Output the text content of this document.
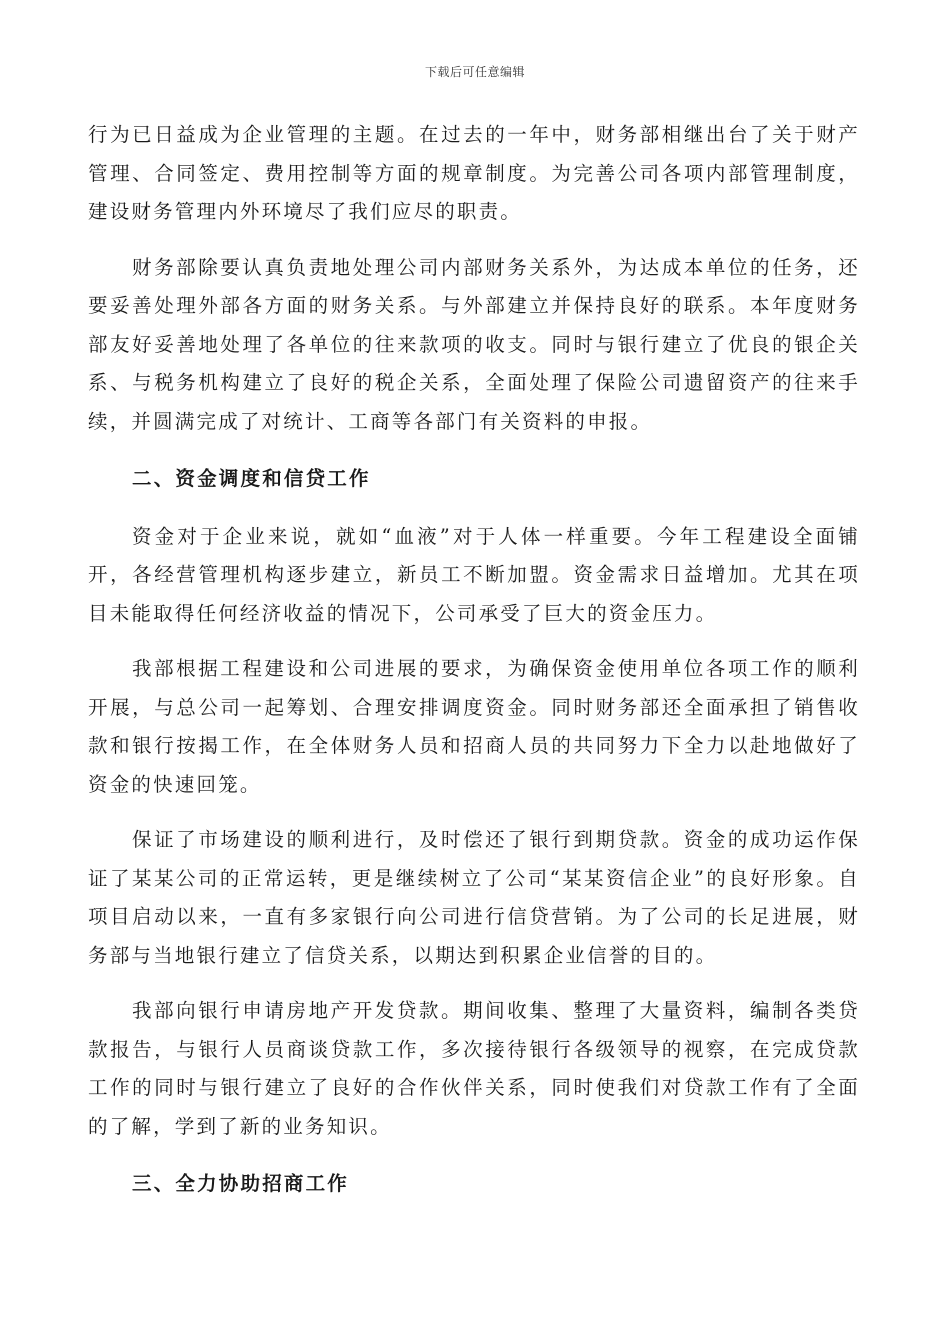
下载后可任意编辑

行为已日益成为企业管理的主题。在过去的一年中，财务部相继出台了关于财产管理、合同签定、费用控制等方面的规章制度。为完善公司各项内部管理制度，建设财务管理内外环境尽了我们应尽的职责。

财务部除要认真负责地处理公司内部财务关系外，为达成本单位的任务，还要妥善处理外部各方面的财务关系。与外部建立并保持良好的联系。本年度财务部友好妥善地处理了各单位的往来款项的收支。同时与银行建立了优良的银企关系、与税务机构建立了良好的税企关系，全面处理了保险公司遗留资产的往来手续，并圆满完成了对统计、工商等各部门有关资料的申报。

二、资金调度和信贷工作

资金对于企业来说，就如“血液”对于人体一样重要。今年工程建设全面铺开，各经营管理机构逐步建立，新员工不断加盟。资金需求日益增加。尤其在项目未能取得任何经济收益的情况下，公司承受了巨大的资金压力。

我部根据工程建设和公司进展的要求，为确保资金使用单位各项工作的顺利开展，与总公司一起筹划、合理安排调度资金。同时财务部还全面承担了销售收款和银行按揭工作，在全体财务人员和招商人员的共同努力下全力以赴地做好了资金的快速回笼。

保证了市场建设的顺利进行，及时偿还了银行到期贷款。资金的成功运作保证了某某公司的正常运转，更是继续树立了公司“某某资信企业”的良好形象。自项目启动以来，一直有多家银行向公司进行信贷营销。为了公司的长足进展，财务部与当地银行建立了信贷关系，以期达到积累企业信誉的目的。

我部向银行申请房地产开发贷款。期间收集、整理了大量资料，编制各类贷款报告，与银行人员商谈贷款工作，多次接待银行各级领导的视察，在完成贷款工作的同时与银行建立了良好的合作伙伴关系，同时使我们对贷款工作有了全面的了解，学到了新的业务知识。

三、全力协助招商工作
